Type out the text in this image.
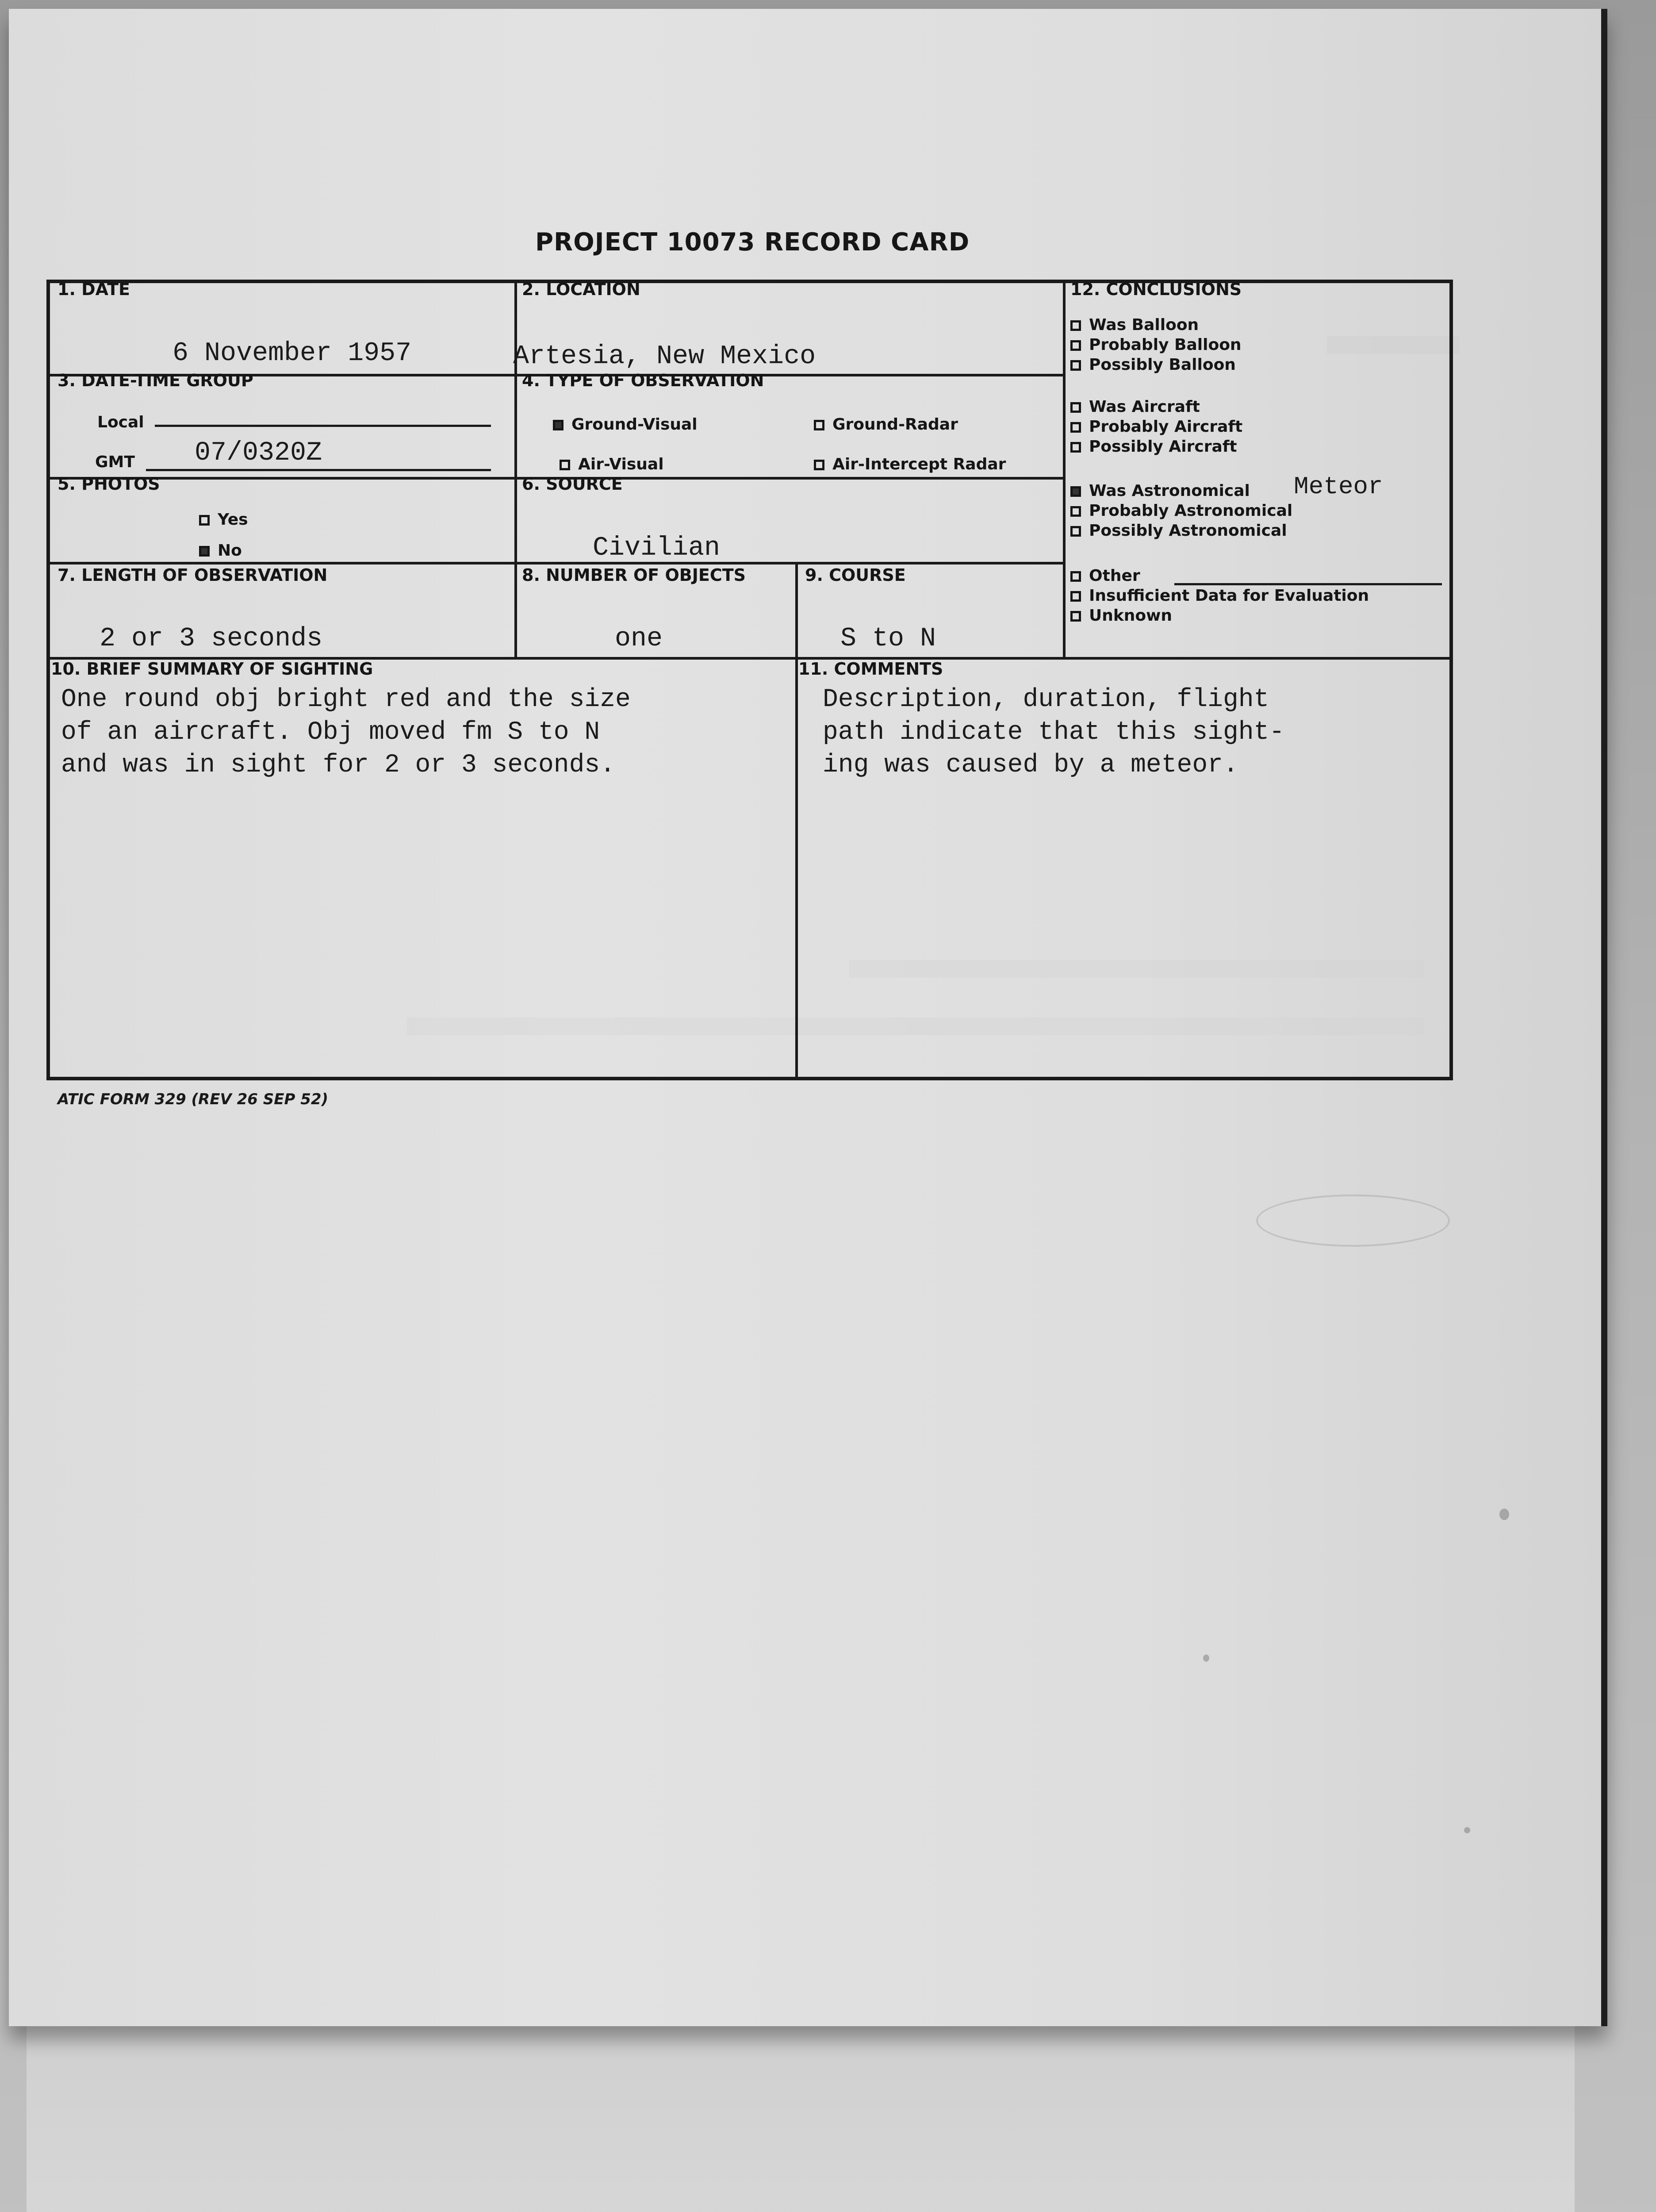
PROJECT 10073 RECORD CARD
1. DATE
6 November 1957
2. LOCATION
Artesia, New Mexico
3. DATE-TIME GROUP
Local
GMT 07/0320Z
4. TYPE OF OBSERVATION
Ground-Visual	Ground-Radar
Air-Visual	Air-Intercept Radar
5. PHOTOS
Yes
No
6. SOURCE
Civilian
7. LENGTH OF OBSERVATION
2 or 3 seconds
8. NUMBER OF OBJECTS
one
9. COURSE
S to N
10. BRIEF SUMMARY OF SIGHTING
One round obj bright red and the size
of an aircraft. Obj moved fm S to N
and was in sight for 2 or 3 seconds.
11. COMMENTS
Description, duration, flight
path indicate that this sight-
ing was caused by a meteor.
12. CONCLUSIONS
Was Balloon
Probably Balloon
Possibly Balloon
Was Aircraft
Probably Aircraft
Possibly Aircraft
Was Astronomical Meteor
Probably Astronomical
Possibly Astronomical
Other
Insufficient Data for Evaluation
Unknown
ATIC FORM 329 (REV 26 SEP 52)
